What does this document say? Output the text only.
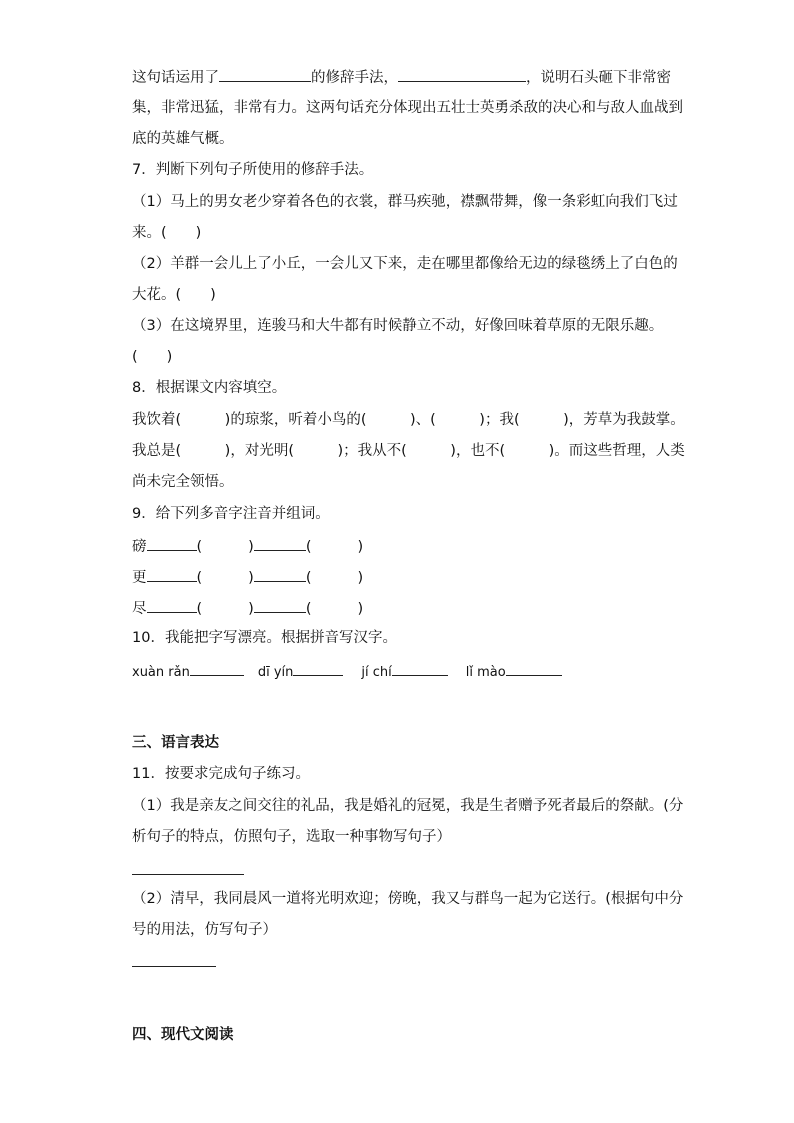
这句话运用了	的修辞手法，	，说明石头砸下非常密
集，非常迅猛，非常有力。这两句话充分体现出五壮士英勇杀敌的决心和与敌人血战到
底的英雄气概。
7．判断下列句子所使用的修辞手法。
（1）马上的男女老少穿着各色的衣裳，群马疾驰，襟飘带舞，像一条彩虹向我们飞过
来。(　　)
（2）羊群一会儿上了小丘，一会儿又下来，走在哪里都像给无边的绿毯绣上了白色的
大花。(　　)
（3）在这境界里，连骏马和大牛都有时候静立不动，好像回味着草原的无限乐趣。
(　　)
8．根据课文内容填空。
我饮着(　　　)的琼浆，听着小鸟的(　　　)、(　　　)；我(　　　)，芳草为我鼓掌。
我总是(　　　)，对光明(　　　)；我从不(　　　)，也不(　　　)。而这些哲理，人类
尚未完全领悟。
9．给下列多音字注音并组词。
磅	(	)	(	)
更	(	)	(	)
尽	(	)	(	)
10．我能把字写漂亮。根据拼音写汉字。
xuàn rǎn	dī yín	jí chí	lǐ mào
三、语言表达
11．按要求完成句子练习。
（1）我是亲友之间交往的礼品，我是婚礼的冠冕，我是生者赠予死者最后的祭献。(分
析句子的特点，仿照句子，选取一种事物写句子）
（2）清早，我同晨风一道将光明欢迎；傍晚，我又与群鸟一起为它送行。(根据句中分
号的用法，仿写句子）
四、现代文阅读
